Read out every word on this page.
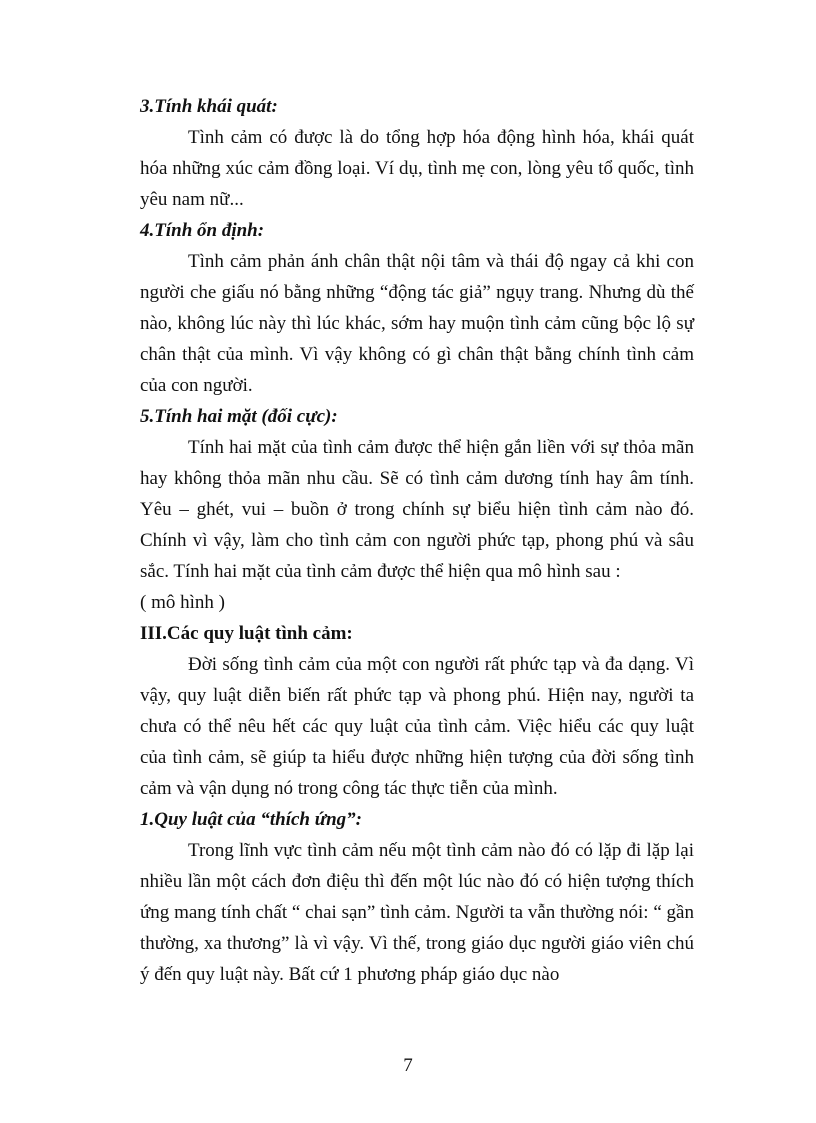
3.Tính khái quát:

Tình cảm có được là do tổng hợp hóa động hình hóa, khái quát hóa những xúc cảm đồng loại. Ví dụ, tình mẹ con, lòng yêu tổ quốc, tình yêu nam nữ...

4.Tính ổn định:

Tình cảm phản ánh chân thật nội tâm và thái độ ngay cả khi con người che giấu nó bằng những “động tác giả” ngụy trang. Nhưng dù thế nào, không lúc này thì lúc khác, sớm hay muộn tình cảm cũng bộc lộ sự chân thật của mình. Vì vậy không có gì chân thật bằng chính tình cảm của con người.

5.Tính hai mặt (đối cực):

Tính hai mặt của tình cảm được thể hiện gắn liền với sự thỏa mãn hay không thỏa mãn nhu cầu. Sẽ có tình cảm dương tính hay âm tính. Yêu – ghét, vui – buồn ở trong chính sự biểu hiện tình cảm nào đó. Chính vì vậy, làm cho tình cảm con người phức tạp, phong phú và sâu sắc. Tính hai mặt của tình cảm được thể hiện qua mô hình sau :

( mô hình )

III.Các quy luật tình cảm:

Đời sống tình cảm của một con người rất phức tạp và đa dạng. Vì vậy, quy luật diễn biến rất phức tạp và phong phú. Hiện nay, người ta chưa có thể nêu hết các quy luật của tình cảm. Việc hiểu các quy luật của tình cảm, sẽ giúp ta hiểu được những hiện tượng của đời sống tình cảm và vận dụng nó trong công tác thực tiễn của mình.

1.Quy luật của “thích ứng”:

Trong lĩnh vực tình cảm nếu một tình cảm nào đó có lặp đi lặp lại nhiều lần một cách đơn điệu thì đến một lúc nào đó có hiện tượng thích ứng mang tính chất “ chai sạn” tình cảm. Người ta vẫn thường nói: “ gần thường, xa thương” là vì vậy. Vì thế, trong giáo dục người giáo viên chú ý đến quy luật này. Bất cứ 1 phương pháp giáo dục nào

7
